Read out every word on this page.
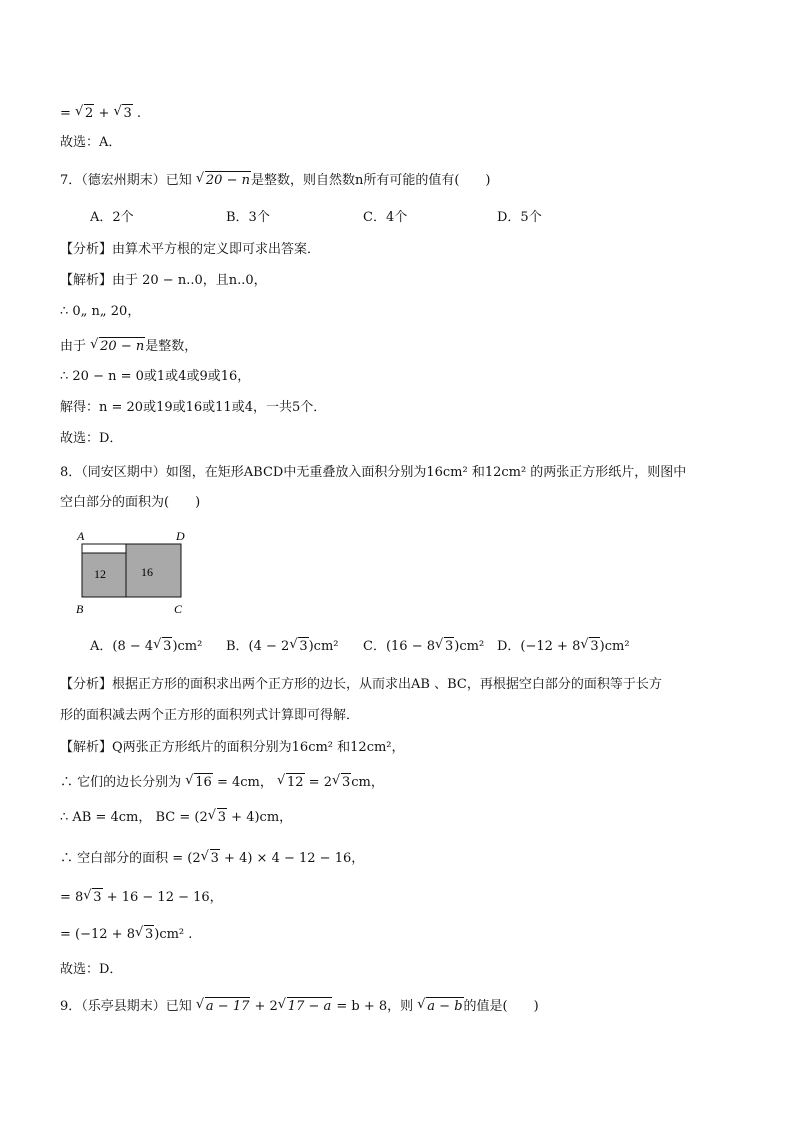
= √ 2 + √ 3 .
故选：A．
7．（德宏州期末）已知 √ 20 − n是整数，则自然数n所有可能的值有(　　)
A．2个	B．3个	C．4个	D．5个
【分析】由算术平方根的定义即可求出答案．
【解析】由于 20 − n..0，且n..0，
∴ 0„ n„ 20，
由于 √ 20 − n是整数，
∴ 20 − n = 0或1或4或9或16，
解得：n = 20或19或16或11或4，一共5个．
故选：D．
8．（同安区期中）如图，在矩形ABCD中无重叠放入面积分别为16cm² 和12cm² 的两张正方形纸片，则图中
空白部分的面积为(　　)
A	D
12	16
B	C
A．(8 − 4 √ 3)cm² B．(4 − 2 √ 3)cm² C．(16 − 8 √ 3)cm² D．(−12 + 8 √ 3)cm²
【分析】根据正方形的面积求出两个正方形的边长，从而求出AB 、BC，再根据空白部分的面积等于长方
形的面积减去两个正方形的面积列式计算即可得解．
【解析】Q两张正方形纸片的面积分别为16cm² 和12cm²，
∴ 它们的边长分别为 √ 16 = 4cm， √ 12 = 2 √ 3cm，
∴ AB = 4cm， BC = (2 √ 3 + 4)cm，
∴ 空白部分的面积 = (2 √ 3 + 4) × 4 − 12 − 16，
= 8 √ 3 + 16 − 12 − 16，
= (−12 + 8 √ 3)cm² .
故选：D．
9．（乐亭县期末）已知 √ a − 17 + 2 √ 17 − a = b + 8，则 √ a − b的值是(　　)
